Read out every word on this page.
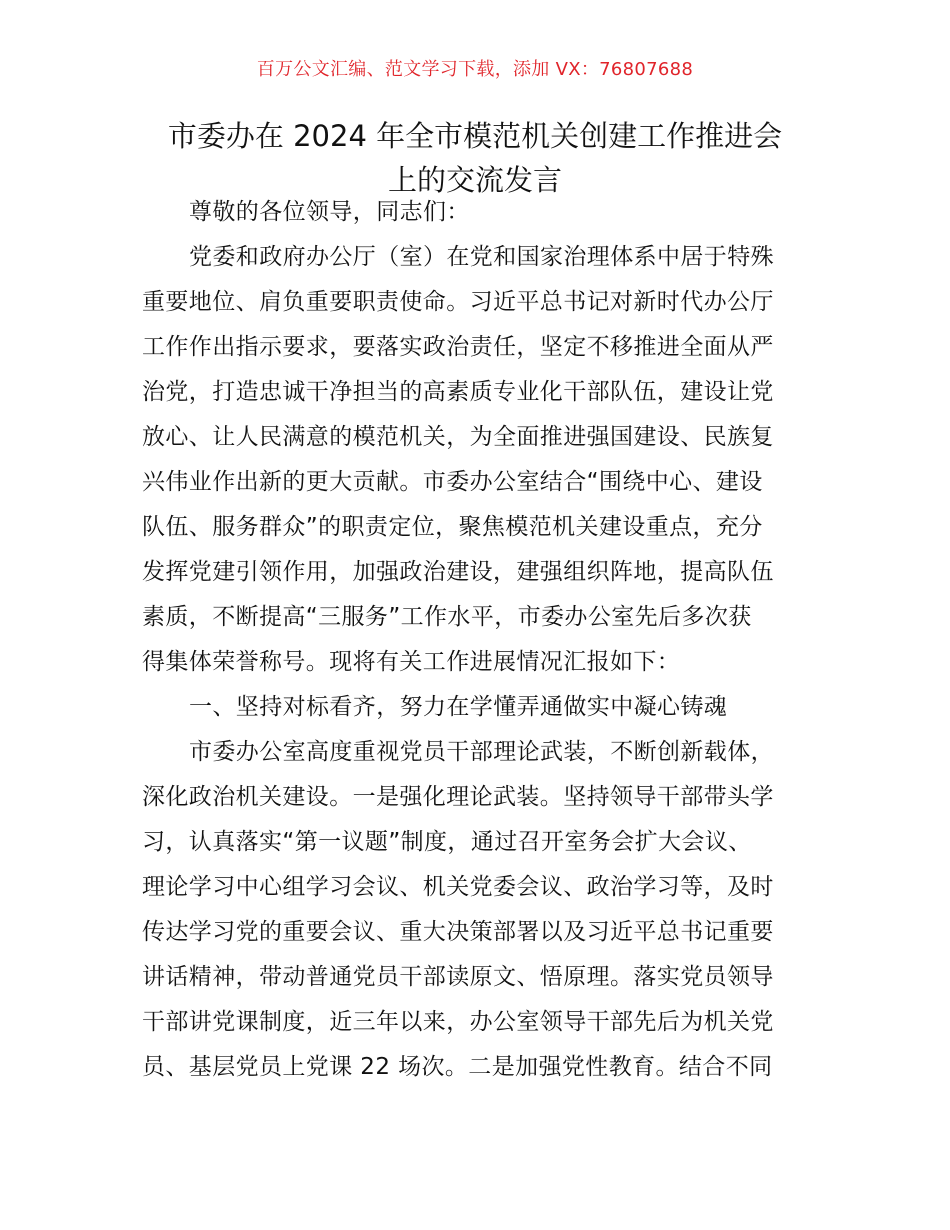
百万公文汇编、范文学习下载，添加 VX：76807688
市委办在 2024 年全市模范机关创建工作推进会
上的交流发言
尊敬的各位领导，同志们：
党委和政府办公厅（室）在党和国家治理体系中居于特殊
重要地位、肩负重要职责使命。习近平总书记对新时代办公厅
工作作出指示要求，要落实政治责任，坚定不移推进全面从严
治党，打造忠诚干净担当的高素质专业化干部队伍，建设让党
放心、让人民满意的模范机关，为全面推进强国建设、民族复
兴伟业作出新的更大贡献。市委办公室结合“围绕中心、建设
队伍、服务群众”的职责定位，聚焦模范机关建设重点，充分
发挥党建引领作用，加强政治建设，建强组织阵地，提高队伍
素质，不断提高“三服务”工作水平，市委办公室先后多次获
得集体荣誉称号。现将有关工作进展情况汇报如下：
一、坚持对标看齐，努力在学懂弄通做实中凝心铸魂
市委办公室高度重视党员干部理论武装，不断创新载体，
深化政治机关建设。一是强化理论武装。坚持领导干部带头学
习，认真落实“第一议题”制度，通过召开室务会扩大会议、
理论学习中心组学习会议、机关党委会议、政治学习等，及时
传达学习党的重要会议、重大决策部署以及习近平总书记重要
讲话精神，带动普通党员干部读原文、悟原理。落实党员领导
干部讲党课制度，近三年以来，办公室领导干部先后为机关党
员、基层党员上党课 22 场次。二是加强党性教育。结合不同
